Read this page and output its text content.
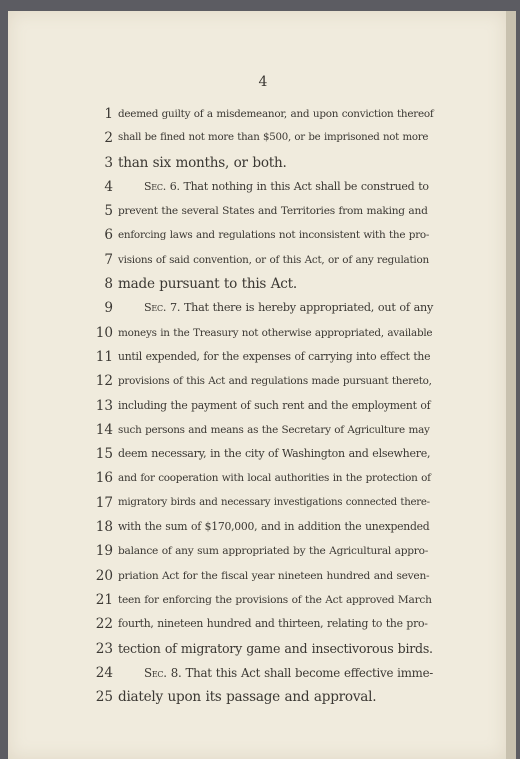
4
1 deemed guilty of a misdemeanor, and upon conviction thereof
2 shall be fined not more than $500, or be imprisoned not more
3 than six months, or both.
4	Sec. 6. That nothing in this Act shall be construed to
5 prevent the several States and Territories from making and
6 enforcing laws and regulations not inconsistent with the pro-
7 visions of said convention, or of this Act, or of any regulation
8 made pursuant to this Act.
9	Sec. 7. That there is hereby appropriated, out of any
10 moneys in the Treasury not otherwise appropriated, available
11 until expended, for the expenses of carrying into effect the
12 provisions of this Act and regulations made pursuant thereto,
13 including the payment of such rent and the employment of
14 such persons and means as the Secretary of Agriculture may
15 deem necessary, in the city of Washington and elsewhere,
16 and for cooperation with local authorities in the protection of
17 migratory birds and necessary investigations connected there-
18 with the sum of $170,000, and in addition the unexpended
19 balance of any sum appropriated by the Agricultural appro-
20 priation Act for the fiscal year nineteen hundred and seven-
21 teen for enforcing the provisions of the Act approved March
22 fourth, nineteen hundred and thirteen, relating to the pro-
23 tection of migratory game and insectivorous birds.
24	Sec. 8. That this Act shall become effective imme-
25 diately upon its passage and approval.
